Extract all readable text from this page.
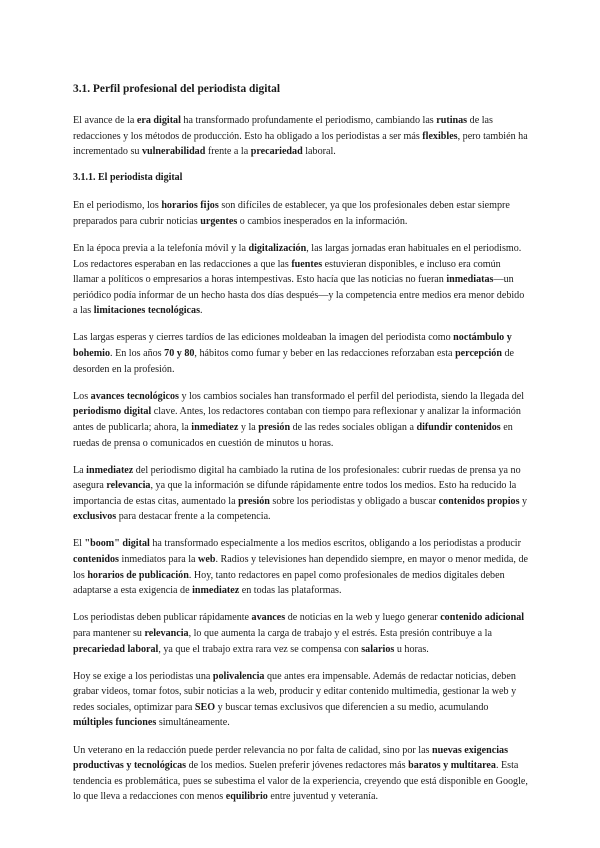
3.1. Perfil profesional del periodista digital

El avance de la era digital ha transformado profundamente el periodismo, cambiando las rutinas de las redacciones y los métodos de producción. Esto ha obligado a los periodistas a ser más flexibles, pero también ha incrementado su vulnerabilidad frente a la precariedad laboral.

3.1.1. El periodista digital

En el periodismo, los horarios fijos son difíciles de establecer, ya que los profesionales deben estar siempre preparados para cubrir noticias urgentes o cambios inesperados en la información.

En la época previa a la telefonía móvil y la digitalización, las largas jornadas eran habituales en el periodismo. Los redactores esperaban en las redacciones a que las fuentes estuvieran disponibles, e incluso era común llamar a políticos o empresarios a horas intempestivas. Esto hacía que las noticias no fueran inmediatas—un periódico podía informar de un hecho hasta dos días después—y la competencia entre medios era menor debido a las limitaciones tecnológicas.

Las largas esperas y cierres tardíos de las ediciones moldeaban la imagen del periodista como noctámbulo y bohemio. En los años 70 y 80, hábitos como fumar y beber en las redacciones reforzaban esta percepción de desorden en la profesión.

Los avances tecnológicos y los cambios sociales han transformado el perfil del periodista, siendo la llegada del periodismo digital clave. Antes, los redactores contaban con tiempo para reflexionar y analizar la información antes de publicarla; ahora, la inmediatez y la presión de las redes sociales obligan a difundir contenidos en ruedas de prensa o comunicados en cuestión de minutos u horas.

La inmediatez del periodismo digital ha cambiado la rutina de los profesionales: cubrir ruedas de prensa ya no asegura relevancia, ya que la información se difunde rápidamente entre todos los medios. Esto ha reducido la importancia de estas citas, aumentado la presión sobre los periodistas y obligado a buscar contenidos propios y exclusivos para destacar frente a la competencia.

El "boom" digital ha transformado especialmente a los medios escritos, obligando a los periodistas a producir contenidos inmediatos para la web. Radios y televisiones han dependido siempre, en mayor o menor medida, de los horarios de publicación. Hoy, tanto redactores en papel como profesionales de medios digitales deben adaptarse a esta exigencia de inmediatez en todas las plataformas.

Los periodistas deben publicar rápidamente avances de noticias en la web y luego generar contenido adicional para mantener su relevancia, lo que aumenta la carga de trabajo y el estrés. Esta presión contribuye a la precariedad laboral, ya que el trabajo extra rara vez se compensa con salarios u horas.

Hoy se exige a los periodistas una polivalencia que antes era impensable. Además de redactar noticias, deben grabar videos, tomar fotos, subir noticias a la web, producir y editar contenido multimedia, gestionar la web y redes sociales, optimizar para SEO y buscar temas exclusivos que diferencien a su medio, acumulando múltiples funciones simultáneamente.

Un veterano en la redacción puede perder relevancia no por falta de calidad, sino por las nuevas exigencias productivas y tecnológicas de los medios. Suelen preferir jóvenes redactores más baratos y multitarea. Esta tendencia es problemática, pues se subestima el valor de la experiencia, creyendo que está disponible en Google, lo que lleva a redacciones con menos equilibrio entre juventud y veteranía.
